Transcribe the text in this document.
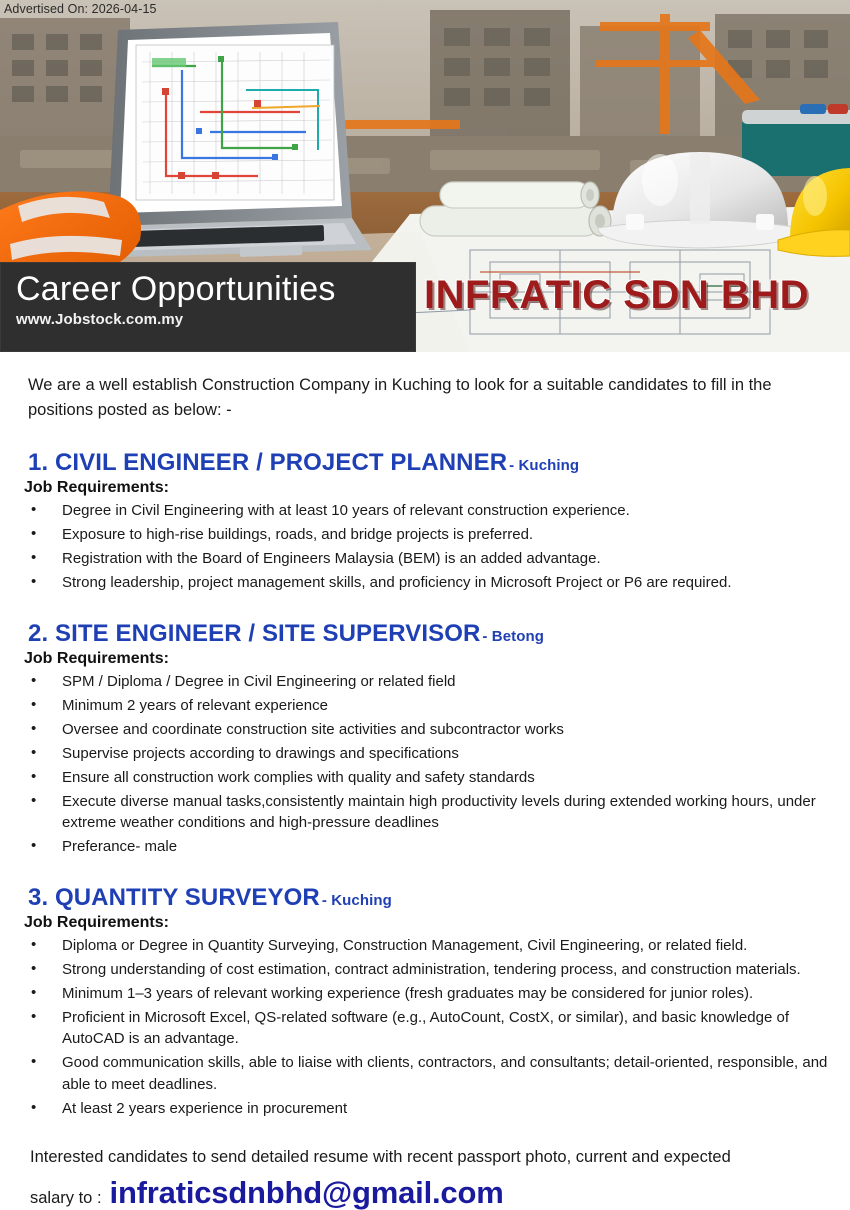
Advertised On: 2026-04-15
Career Opportunities
www.Jobstock.com.my
INFRATIC SDN BHD

We are a well establish Construction Company in Kuching to look for a suitable candidates to fill in the positions posted as below: -

1. CIVIL ENGINEER / PROJECT PLANNER - Kuching
Job Requirements:
• Degree in Civil Engineering with at least 10 years of relevant construction experience.
• Exposure to high-rise buildings, roads, and bridge projects is preferred.
• Registration with the Board of Engineers Malaysia (BEM) is an added advantage.
• Strong leadership, project management skills, and proficiency in Microsoft Project or P6 are required.
2. SITE ENGINEER / SITE SUPERVISOR - Betong
Job Requirements:
• SPM / Diploma / Degree in Civil Engineering or related field
• Minimum 2 years of relevant experience
• Oversee and coordinate construction site activities and subcontractor works
• Supervise projects according to drawings and specifications
• Ensure all construction work complies with quality and safety standards
• Execute diverse manual tasks,consistently maintain high productivity levels during extended working hours, under extreme weather conditions and high-pressure deadlines
• Preferance- male
3. QUANTITY SURVEYOR - Kuching
Job Requirements:
• Diploma or Degree in Quantity Surveying, Construction Management, Civil Engineering, or related field.
• Strong understanding of cost estimation, contract administration, tendering process, and construction materials.
• Minimum 1–3 years of relevant working experience (fresh graduates may be considered for junior roles).
• Proficient in Microsoft Excel, QS-related software (e.g., AutoCount, CostX, or similar), and basic knowledge of AutoCAD is an advantage.
• Good communication skills, able to liaise with clients, contractors, and consultants; detail-oriented, responsible, and able to meet deadlines.
• At least 2 years experience in procurement
Interested candidates to send detailed resume with recent passport photo, current and expected
salary to : infraticsdnbhd@gmail.com
